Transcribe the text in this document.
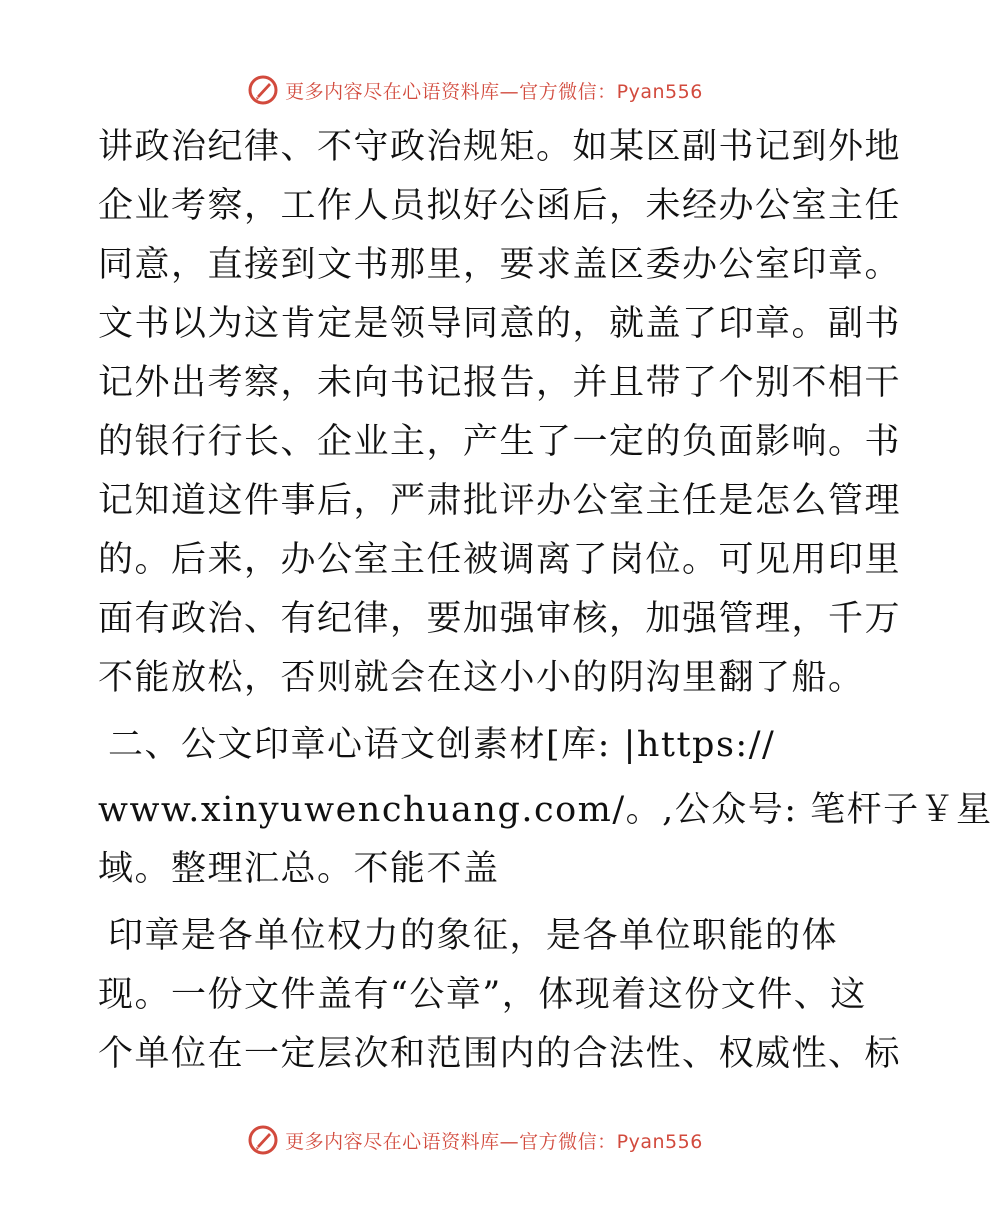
更多内容尽在心语资料库—官方微信：Pyan556
讲政治纪律、不守政治规矩。如某区副书记到外地
企业考察，工作人员拟好公函后，未经办公室主任
同意，直接到文书那里，要求盖区委办公室印章。
文书以为这肯定是领导同意的，就盖了印章。副书
记外出考察，未向书记报告，并且带了个别不相干
的银行行长、企业主，产生了一定的负面影响。书
记知道这件事后，严肃批评办公室主任是怎么管理
的。后来，办公室主任被调离了岗位。可见用印里
面有政治、有纪律，要加强审核，加强管理，千万
不能放松，否则就会在这小小的阴沟里翻了船。
二、公文印章心语文创素材[库: |https://
www.xinyuwenchuang.com/。,公众号: 笔杆子￥星
域。整理汇总。不能不盖
印章是各单位权力的象征，是各单位职能的体
现。一份文件盖有“公章”，体现着这份文件、这
个单位在一定层次和范围内的合法性、权威性、标
更多内容尽在心语资料库—官方微信：Pyan556
